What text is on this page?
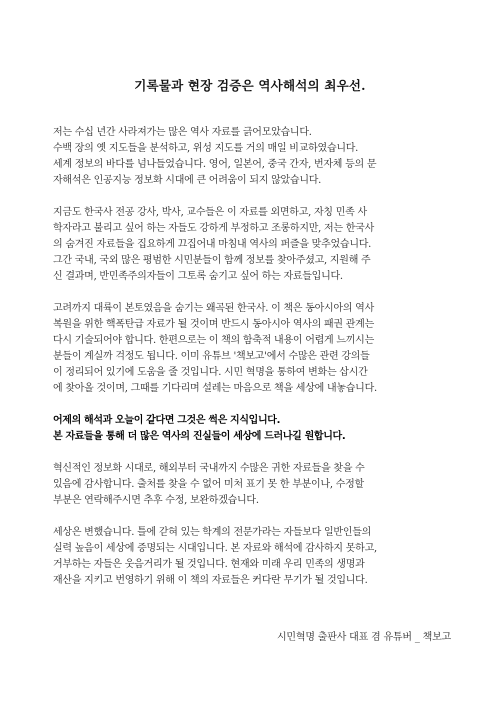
기록물과 현장 검증은 역사해석의 최우선.

저는 수십 년간 사라져가는 많은 역사 자료를 긁어모았습니다.
수백 장의 옛 지도들을 분석하고, 위성 지도를 거의 매일 비교하였습니다.
세계 정보의 바다를 넘나들었습니다. 영어, 일본어, 중국 간자, 번자체 등의 문
자해석은 인공지능 정보화 시대에 큰 어려움이 되지 않았습니다.

지금도 한국사 전공 강사, 박사, 교수들은 이 자료를 외면하고, 자칭 민족 사
학자라고 불리고 싶어 하는 자들도 강하게 부정하고 조롱하지만, 저는 한국사
의 숨겨진 자료들을 집요하게 끄집어내 마침내 역사의 퍼즐을 맞추었습니다.
그간 국내, 국외 많은 평범한 시민분들이 함께 정보를 찾아주셨고, 지원해 주
신 결과며, 반민족주의자들이 그토록 숨기고 싶어 하는 자료들입니다.

고려까지 대륙이 본토였음을 숨기는 왜곡된 한국사. 이 책은 동아시아의 역사
복원을 위한 핵폭탄급 자료가 될 것이며 반드시 동아시아 역사의 패권 관계는
다시 기술되어야 합니다. 한편으로는 이 책의 함축적 내용이 어렵게 느끼시는
분들이 계실까 걱정도 됩니다. 이미 유튜브 '책보고'에서 수많은 관련 강의들
이 정리되어 있기에 도움을 줄 것입니다. 시민 혁명을 통하여 변화는 삽시간
에 찾아올 것이며, 그때를 기다리며 설레는 마음으로 책을 세상에 내놓습니다.

어제의 해석과 오늘이 같다면 그것은 썩은 지식입니다.
본 자료들을 통해 더 많은 역사의 진실들이 세상에 드러나길 원합니다.

혁신적인 정보화 시대로, 해외부터 국내까지 수많은 귀한 자료들을 찾을 수
있음에 감사합니다. 출처를 찾을 수 없어 미처 표기 못 한 부분이나, 수정할
부분은 연락해주시면 추후 수정, 보완하겠습니다.

세상은 변했습니다. 틀에 갇혀 있는 학계의 전문가라는 자들보다 일반인들의
실력 높음이 세상에 증명되는 시대입니다. 본 자료와 해석에 감사하지 못하고,
거부하는 자들은 웃음거리가 될 것입니다. 현재와 미래 우리 민족의 생명과
재산을 지키고 번영하기 위해 이 책의 자료들은 커다란 무기가 될 것입니다.

시민혁명 출판사 대표 겸 유튜버 _ 책보고
